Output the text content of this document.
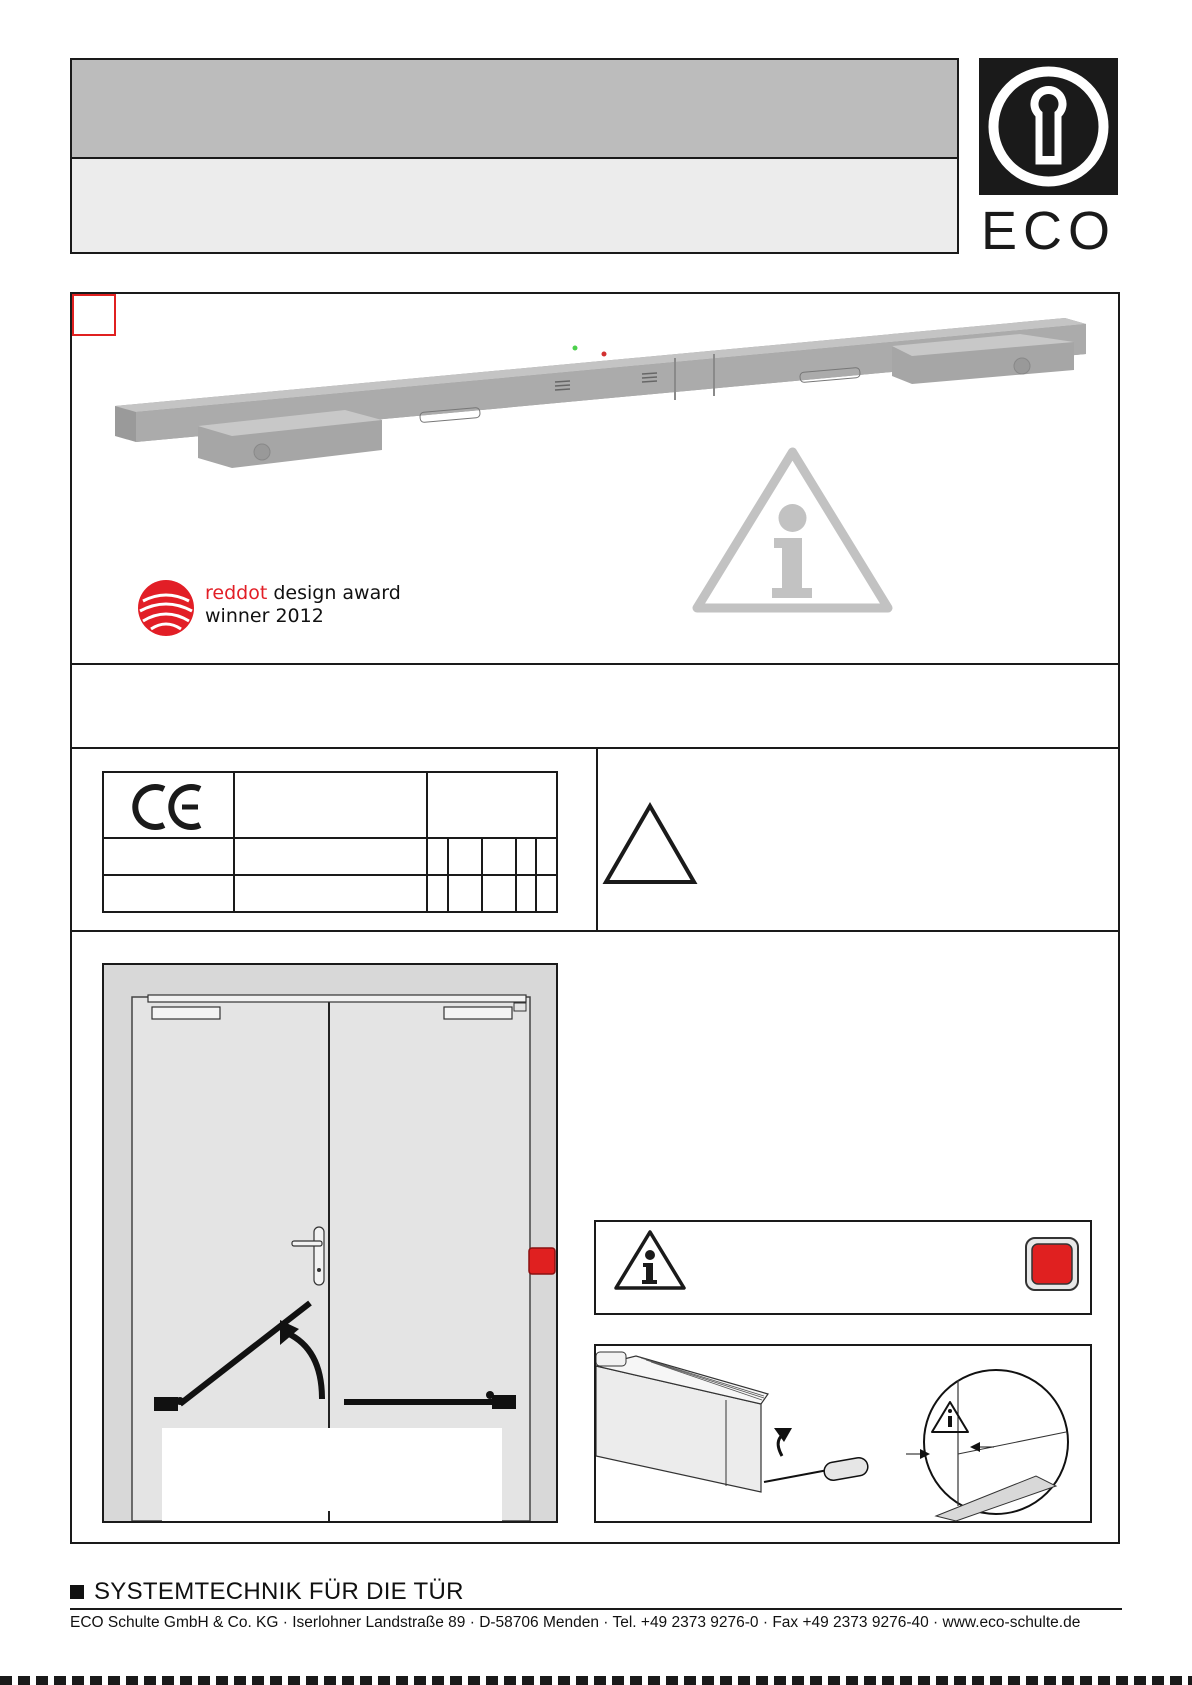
ECO
reddot design award
winner 2012
SYSTEMTECHNIK FÜR DIE TÜR
ECO Schulte GmbH & Co. KG · Iserlohner Landstraße 89 · D-58706 Menden · Tel. +49 2373 9276-0 · Fax +49 2373 9276-40 · www.eco-schulte.de
